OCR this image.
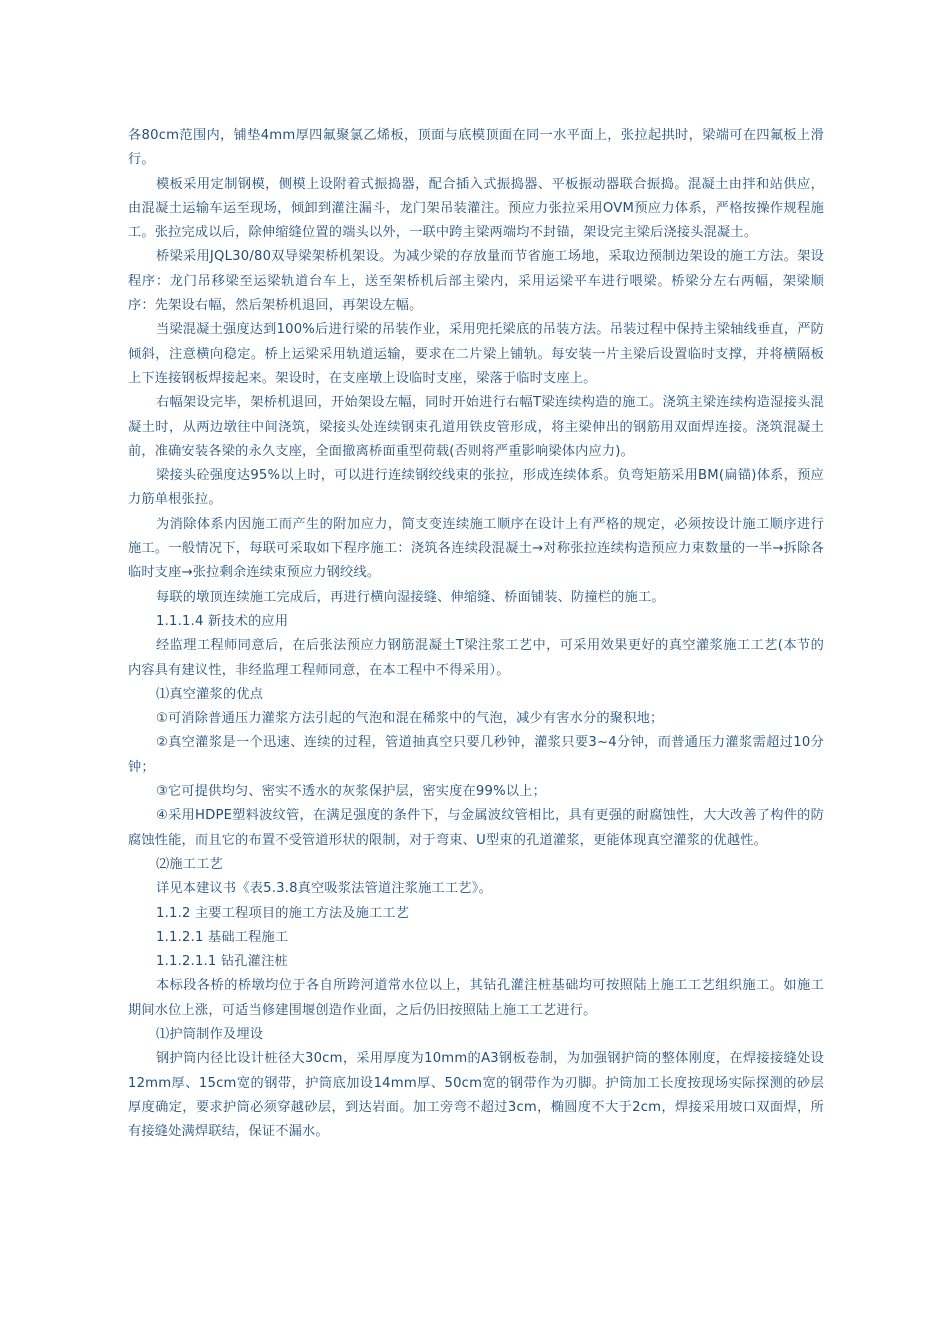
各80cm范围内，铺垫4mm厚四氟聚氯乙烯板，顶面与底模顶面在同一水平面上，张拉起拱时，梁端可在四氟板上滑行。

模板采用定制钢模，侧模上设附着式振捣器，配合插入式振捣器、平板振动器联合振捣。混凝土由拌和站供应，由混凝土运输车运至现场，倾卸到灌注漏斗，龙门架吊装灌注。预应力张拉采用OVM预应力体系，严格按操作规程施工。张拉完成以后，除伸缩缝位置的端头以外，一联中跨主梁两端均不封锚，架设完主梁后浇接头混凝土。

桥梁采用JQL30/80双导梁架桥机架设。为减少梁的存放量而节省施工场地，采取边预制边架设的施工方法。架设程序：龙门吊移梁至运梁轨道台车上，送至架桥机后部主梁内，采用运梁平车进行喂梁。桥梁分左右两幅，架梁顺序：先架设右幅，然后架桥机退回，再架设左幅。

当梁混凝土强度达到100%后进行梁的吊装作业，采用兜托梁底的吊装方法。吊装过程中保持主梁轴线垂直，严防倾斜，注意横向稳定。桥上运梁采用轨道运输，要求在二片梁上铺轨。每安装一片主梁后设置临时支撑，并将横隔板上下连接钢板焊接起来。架设时，在支座墩上设临时支座，梁落于临时支座上。

右幅架设完毕，架桥机退回，开始架设左幅，同时开始进行右幅T梁连续构造的施工。浇筑主梁连续构造湿接头混凝土时，从两边墩往中间浇筑，梁接头处连续钢束孔道用铁皮管形成，将主梁伸出的钢筋用双面焊连接。浇筑混凝土前，准确安装各梁的永久支座，全面撤离桥面重型荷载(否则将严重影响梁体内应力)。

梁接头砼强度达95%以上时，可以进行连续钢绞线束的张拉，形成连续体系。负弯矩筋采用BM(扁锚)体系，预应力筋单根张拉。

为消除体系内因施工而产生的附加应力，简支变连续施工顺序在设计上有严格的规定，必须按设计施工顺序进行施工。一般情况下，每联可采取如下程序施工：浇筑各连续段混凝土→对称张拉连续构造预应力束数量的一半→拆除各临时支座→张拉剩余连续束预应力钢绞线。

每联的墩顶连续施工完成后，再进行横向湿接缝、伸缩缝、桥面铺装、防撞栏的施工。

1.1.1.4 新技术的应用

经监理工程师同意后，在后张法预应力钢筋混凝土T梁注浆工艺中，可采用效果更好的真空灌浆施工工艺(本节的内容具有建议性，非经监理工程师同意，在本工程中不得采用）。

⑴真空灌浆的优点

①可消除普通压力灌浆方法引起的气泡和混在稀浆中的气泡，减少有害水分的聚积地；

②真空灌浆是一个迅速、连续的过程，管道抽真空只要几秒钟，灌浆只要3~4分钟，而普通压力灌浆需超过10分钟；

③它可提供均匀、密实不透水的灰浆保护层，密实度在99%以上；

④采用HDPE塑料波纹管，在满足强度的条件下，与金属波纹管相比，具有更强的耐腐蚀性，大大改善了构件的防腐蚀性能，而且它的布置不受管道形状的限制，对于弯束、U型束的孔道灌浆，更能体现真空灌浆的优越性。

⑵施工工艺

详见本建议书《表5.3.8真空吸浆法管道注浆施工工艺》。

1.1.2 主要工程项目的施工方法及施工工艺

1.1.2.1 基础工程施工

1.1.2.1.1 钻孔灌注桩

本标段各桥的桥墩均位于各自所跨河道常水位以上，其钻孔灌注桩基础均可按照陆上施工工艺组织施工。如施工期间水位上涨，可适当修建围堰创造作业面，之后仍旧按照陆上施工工艺进行。

⑴护筒制作及埋设

钢护筒内径比设计桩径大30cm，采用厚度为10mm的A3钢板卷制，为加强钢护筒的整体刚度，在焊接接缝处设12mm厚、15cm宽的钢带，护筒底加设14mm厚、50cm宽的钢带作为刃脚。护筒加工长度按现场实际探测的砂层厚度确定，要求护筒必须穿越砂层，到达岩面。加工旁弯不超过3cm，椭圆度不大于2cm，焊接采用坡口双面焊，所有接缝处满焊联结，保证不漏水。
